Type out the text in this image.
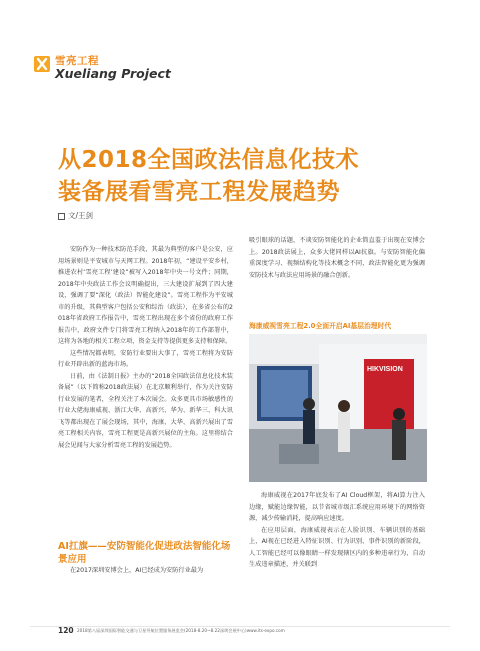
雪亮工程
Xueliang Project
从2018全国政法信息化技术
装备展看雪亮工程发展趋势
文/王剑

安防作为一种技术防范手段，其最为典型的客户是公安，应用场景则是平安城市与天网工程。2018年初，“建设平安乡村，推进农村‘雪亮工程’建设”被写入2018年中央一号文件；同期，2018年中央政法工作会议明确提出，三大建设扩展到了四大建设，强调了要“深化（政法）智能化建设”。雪亮工程作为平安城市的升级，其典型客户包括公安和综治（政法），在多省公布的2018年省政府工作报告中，雪亮工程出现在多个省份的政府工作报告中，政府文件专门将雪亮工程纳入2018年的工作部署中，这将为各地的相关工程立项、资金支持等提供更多支持和保障。

这些情况都表明，安防行业要出大事了，雪亮工程将为安防行业开辟出新的蓝海市场。

日前，由《法制日报》主办的“2018全国政法信息化技术装备展”（以下简称2018政法展）在北京顺利举行，作为关注安防行业发展的笔者，全程关注了本次展会。众多更具市场敏感性的行业大佬海康威视、浙江大华、高新兴、华为、新华三、科大讯飞等都出现在了展会现场，其中，海康、大华、高新兴展出了雪亮工程相关内容，雪亮工程更是高新兴展位的主角。这里将结合展会见闻与大家分析雪亮工程的发展趋势。

AI扛旗——安防智能化促进政法智能化场景应用

在2017深圳安博会上，AI已经成为安防行业最为

吸引眼球的话题，不谈安防智能化的企业简直羞于出现在安博会上。2018政法展上，众多大佬同样以AI抗旗。与安防智能化偏重深度学习、视频结构化等技术概念不同，政法智能化更为强调安防技术与政法应用场景的融合创新。

海康威视雪亮工程2.0全面开启AI基层治理时代
HIKVISION

海康威视在2017年底发布了AI Cloud框架，将AI算力注入边缘，赋能边缘智能，以节省城市级汇系统应用环境下的网络资源，减少传输消耗，提高响应速度。

在应用层面，海康威视表示在人脸识别、车辆识别的基础上，AI视在已经进入特征识别、行为识别、事件识别的新阶段，人工智能已经可以像眼睛一样发现辖区内的多种违章行为，自动生成违章描述，并关联到

120 2018第八届深圳国际智能交通与卫星导航位置服务展览会(2018-8.20~8.22深圳会展中心)www.its-expo.com
